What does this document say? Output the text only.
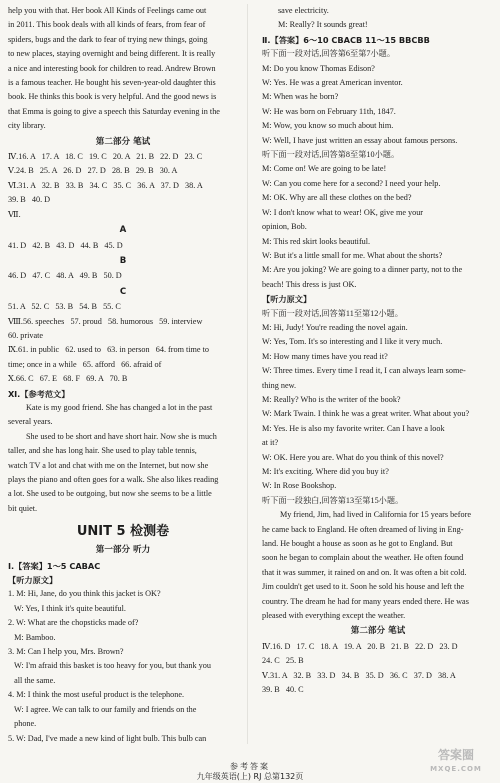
help you with that. Her book All Kinds of Feelings came out

in 2011. This book deals with all kinds of fears, from fear of

spiders, bugs and the dark to fear of trying new things, going

to new places, staying overnight and being different. It is really

a nice and interesting book for children to read. Andrew Brown

is a famous teacher. He bought his seven-year-old daughter this

book. He thinks this book is very helpful. And the good news is

that Emma is going to give a speech this Saturday evening in the

city library.

第二部分 笔试

Ⅳ.16. A   17. A   18. C   19. C   20. A   21. B   22. D   23. C

Ⅴ.24. B   25. A   26. D   27. D   28. B   29. B   30. A

Ⅵ.31. A   32. B   33. B   34. C   35. C   36. A   37. D   38. A

39. B   40. D

Ⅶ.

A

41. D   42. B   43. D   44. B   45. D

B

46. D   47. C   48. A   49. B   50. D

C

51. A   52. C   53. B   54. B   55. C

Ⅷ.56. speeches   57. proud   58. humorous   59. interview

60. private

Ⅸ.61. in public   62. used to   63. in person   64. from time to

time; once in a while   65. afford   66. afraid of

Ⅹ.66. C   67. E   68. F   69. A   70. B

Ⅺ.【参考范文】

Kate is my good friend. She has changed a lot in the past

several years.

She used to be short and have short hair. Now she is much

taller, and she has long hair. She used to play table tennis,

watch TV a lot and chat with me on the Internet, but now she

plays the piano and often goes for a walk. She also likes reading

a lot. She used to be outgoing, but now she seems to be a little

bit quiet.

UNIT 5 检测卷
第一部分 听力

Ⅰ.【答案】1～5 CABAC

【听力原文】

1. M: Hi, Jane, do you think this jacket is OK?

W: Yes, I think it's quite beautiful.

2. W: What are the chopsticks made of?

M: Bamboo.

3. M: Can I help you, Mrs. Brown?

W: I'm afraid this basket is too heavy for you, but thank you

all the same.

4. M: I think the most useful product is the telephone.

W: I agree. We can talk to our family and friends on the

phone.

5. W: Dad, I've made a new kind of light bulb. This bulb can

save electricity.

M: Really? It sounds great!

Ⅱ.【答案】6～10 CBACB 11～15 BBCBB

听下面一段对话,回答第6至第7小题。

M: Do you know Thomas Edison?

W: Yes. He was a great American inventor.

M: When was he born?

W: He was born on February 11th, 1847.

M: Wow, you know so much about him.

W: Well, I have just written an essay about famous persons.

听下面一段对话,回答第8至第10小题。

M: Come on! We are going to be late!

W: Can you come here for a second? I need your help.

M: OK. Why are all these clothes on the bed?

W: I don't know what to wear! OK, give me your

opinion, Bob.

M: This red skirt looks beautiful.

W: But it's a little small for me. What about the shorts?

M: Are you joking? We are going to a dinner party, not to the

beach! This dress is just OK.

【听力原文】

听下面一段对话,回答第11至第12小题。

M: Hi, Judy! You're reading the novel again.

W: Yes, Tom. It's so interesting and I like it very much.

M: How many times have you read it?

W: Three times. Every time I read it, I can always learn some-

thing new.

M: Really? Who is the writer of the book?

W: Mark Twain. I think he was a great writer. What about you?

M: Yes. He is also my favorite writer. Can I have a look

at it?

W: OK. Here you are. What do you think of this novel?

M: It's exciting. Where did you buy it?

W: In Rose Bookshop.

听下面一段独白,回答第13至第15小题。

My friend, Jim, had lived in California for 15 years before

he came back to England. He often dreamed of living in Eng-

land. He bought a house as soon as he got to England. But

soon he began to complain about the weather. He often found

that it was summer, it rained on and on. It was often a bit cold.

Jim couldn't get used to it. Soon he sold his house and left the

country. The dream he had for many years ended there. He was

pleased with everything except the weather.

第二部分 笔试

Ⅳ.16. D   17. C   18. A   19. A   20. B   21. B   22. D   23. D

24. C   25. B

Ⅴ.31. A   32. B   33. D   34. B   35. D   36. C   37. D   38. A

39. B   40. C

参考答案
九年级英语(上) RJ 总第132页
答案圈
MXQE.COM
